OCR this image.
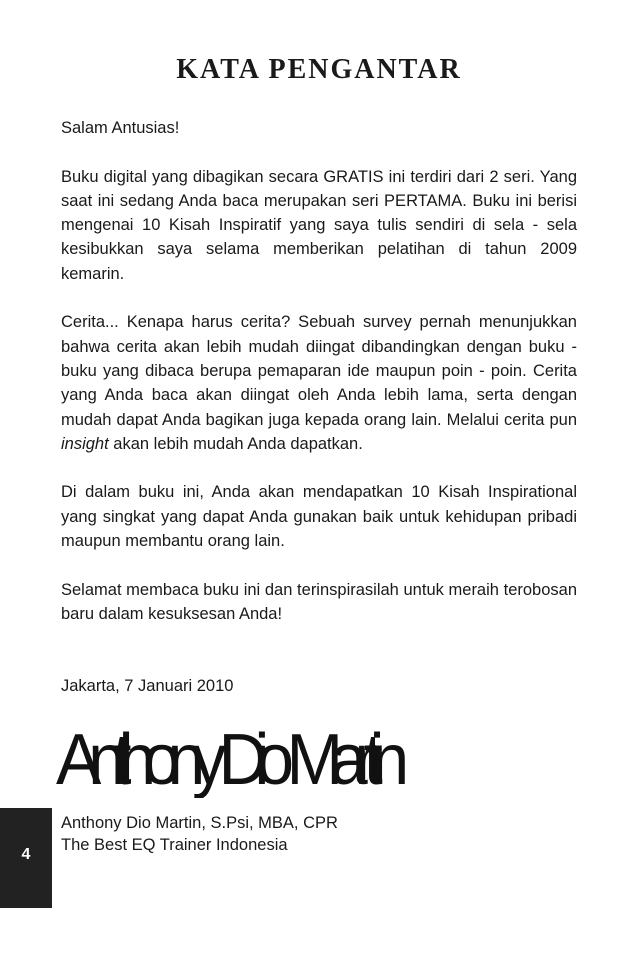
KATA PENGANTAR

Salam Antusias!

Buku digital yang dibagikan secara GRATIS ini terdiri dari 2 seri. Yang saat ini sedang Anda baca merupakan seri PERTAMA. Buku ini berisi mengenai 10 Kisah Inspiratif yang saya tulis sendiri di sela - sela kesibukkan saya selama memberikan pelatihan di tahun 2009 kemarin.

Cerita... Kenapa harus cerita? Sebuah survey pernah menunjukkan bahwa cerita akan lebih mudah diingat dibandingkan dengan buku - buku yang dibaca berupa pemaparan ide maupun poin - poin. Cerita yang Anda baca akan diingat oleh Anda lebih lama, serta dengan mudah dapat Anda bagikan juga kepada orang lain. Melalui cerita pun insight akan lebih mudah Anda dapatkan.

Di dalam buku ini, Anda akan mendapatkan 10 Kisah Inspirational yang singkat yang dapat Anda gunakan baik untuk kehidupan pribadi maupun membantu orang lain.

Selamat membaca buku ini dan terinspirasilah untuk meraih terobosan baru dalam kesuksesan Anda!

Jakarta, 7 Januari 2010

Anthony Dio Martin
Anthony Dio Martin, S.Psi, MBA, CPR
The Best EQ Trainer Indonesia
4
